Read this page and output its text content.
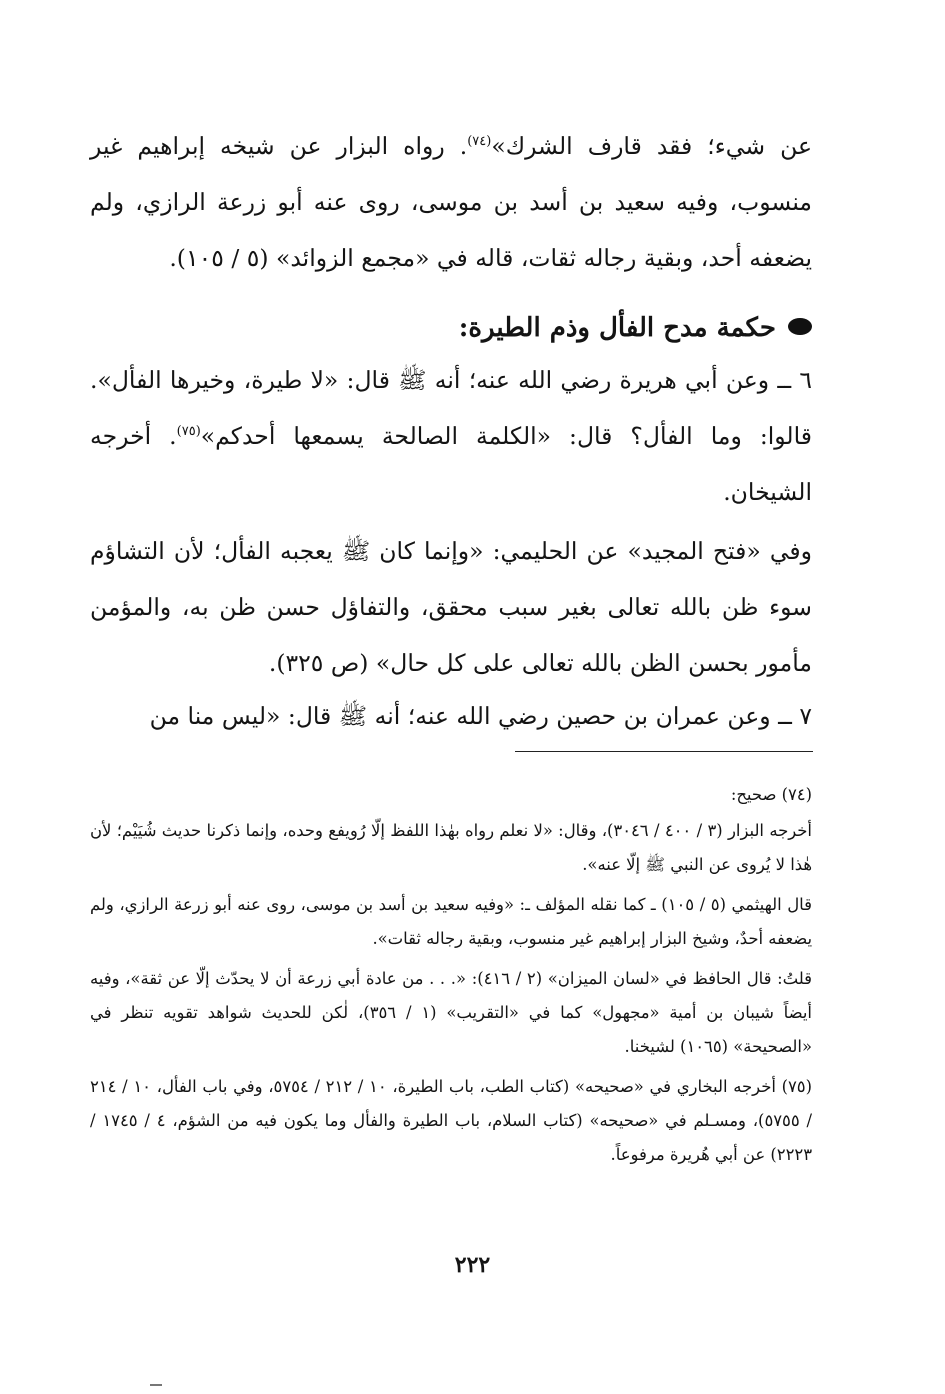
عن شيء؛ فقد قارف الشرك»$^{(٧٤)}$. رواه البزار عن شيخه إبراهيم غير منسوب، وفيه سعيد بن أسد بن موسى، روى عنه أبو زرعة الرازي، ولم يضعفه أحد، وبقية رجاله ثقات، قاله في «مجمع الزوائد» (٥ / ١٠٥).
حكمة مدح الفأل وذم الطيرة:
٦ ــ وعن أبي هريرة رضي الله عنه؛ أنه ﷺ قال: «لا طيرة، وخيرها الفأل». قالوا: وما الفأل؟ قال: «الكلمة الصالحة يسمعها أحدكم»$^{(٧٥)}$. أخرجه الشيخان.
وفي «فتح المجيد» عن الحليمي: «وإنما كان ﷺ يعجبه الفأل؛ لأن التشاؤم سوء ظن بالله تعالى بغير سبب محقق، والتفاؤل حسن ظن به، والمؤمن مأمور بحسن الظن بالله تعالى على كل حال» (ص ٣٢٥).
٧ ــ وعن عمران بن حصين رضي الله عنه؛ أنه ﷺ قال: «ليس منا من

(٧٤) صحيح:

أخرجه البزار (٣ / ٤٠٠ / ٣٠٤٦)، وقال: «لا نعلم رواه بهٰذا اللفظ إلّا رُويفع وحده، وإنما ذكرنا حديث شُيَيْم؛ لأن هٰذا لا يُروى عن النبي ﷺ إلّا عنه».

قال الهيثمي (٥ / ١٠٥) ـ كما نقله المؤلف ـ: «وفيه سعيد بن أسد بن موسى، روى عنه أبو زرعة الرازي، ولم يضعفه أحدٌ، وشيخ البزار إبراهيم غير منسوب، وبقية رجاله ثقات».

قلتُ: قال الحافظ في «لسان الميزان» (٢ / ٤١٦): «. . . من عادة أبي زرعة أن لا يحدّث إلّا عن ثقة»، وفيه أيضاً شيبان بن أمية «مجهول» كما في «التقريب» (١ / ٣٥٦)، لٰكن للحديث شواهد تقويه تنظر في «الصحيحة» (١٠٦٥) لشيخنا.

(٧٥) أخرجه البخاري في «صحيحه» (كتاب الطب، باب الطيرة، ١٠ / ٢١٢ / ٥٧٥٤، وفي باب الفأل، ١٠ / ٢١٤ / ٥٧٥٥)، ومسـلم في «صحيحه» (كتاب السلام، باب الطيرة والفأل وما يكون فيه من الشؤم، ٤ / ١٧٤٥ / ٢٢٢٣) عن أبي هُريرة مرفوعاً.

٢٢٢
